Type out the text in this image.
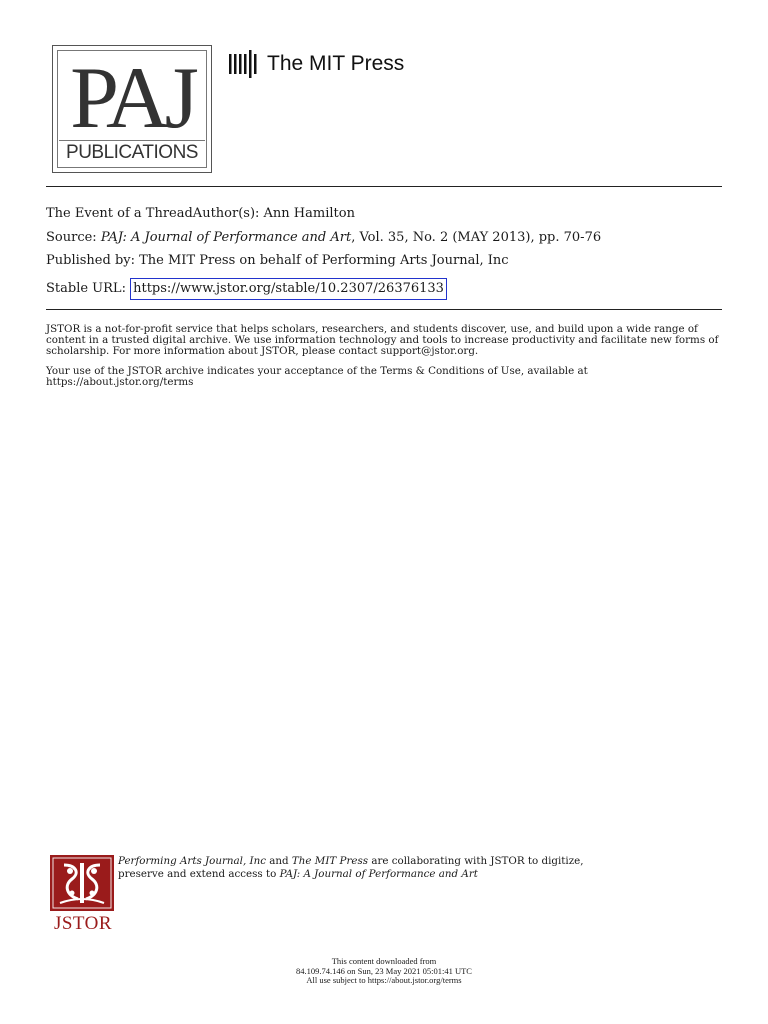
PAJ
PUBLICATIONS
The MIT Press
The Event of a ThreadAuthor(s): Ann Hamilton
Source: PAJ: A Journal of Performance and Art, Vol. 35, No. 2 (MAY 2013), pp. 70-76
Published by: The MIT Press on behalf of Performing Arts Journal, Inc
Stable URL: https://www.jstor.org/stable/10.2307/26376133
JSTOR is a not-for-profit service that helps scholars, researchers, and students discover, use, and build upon a wide range of content in a trusted digital archive. We use information technology and tools to increase productivity and facilitate new forms of scholarship. For more information about JSTOR, please contact support@jstor.org.
Your use of the JSTOR archive indicates your acceptance of the Terms & Conditions of Use, available at
https://about.jstor.org/terms
JSTOR
Performing Arts Journal, Inc and The MIT Press are collaborating with JSTOR to digitize,
preserve and extend access to PAJ: A Journal of Performance and Art
This content downloaded from
84.109.74.146 on Sun, 23 May 2021 05:01:41 UTC
All use subject to https://about.jstor.org/terms
